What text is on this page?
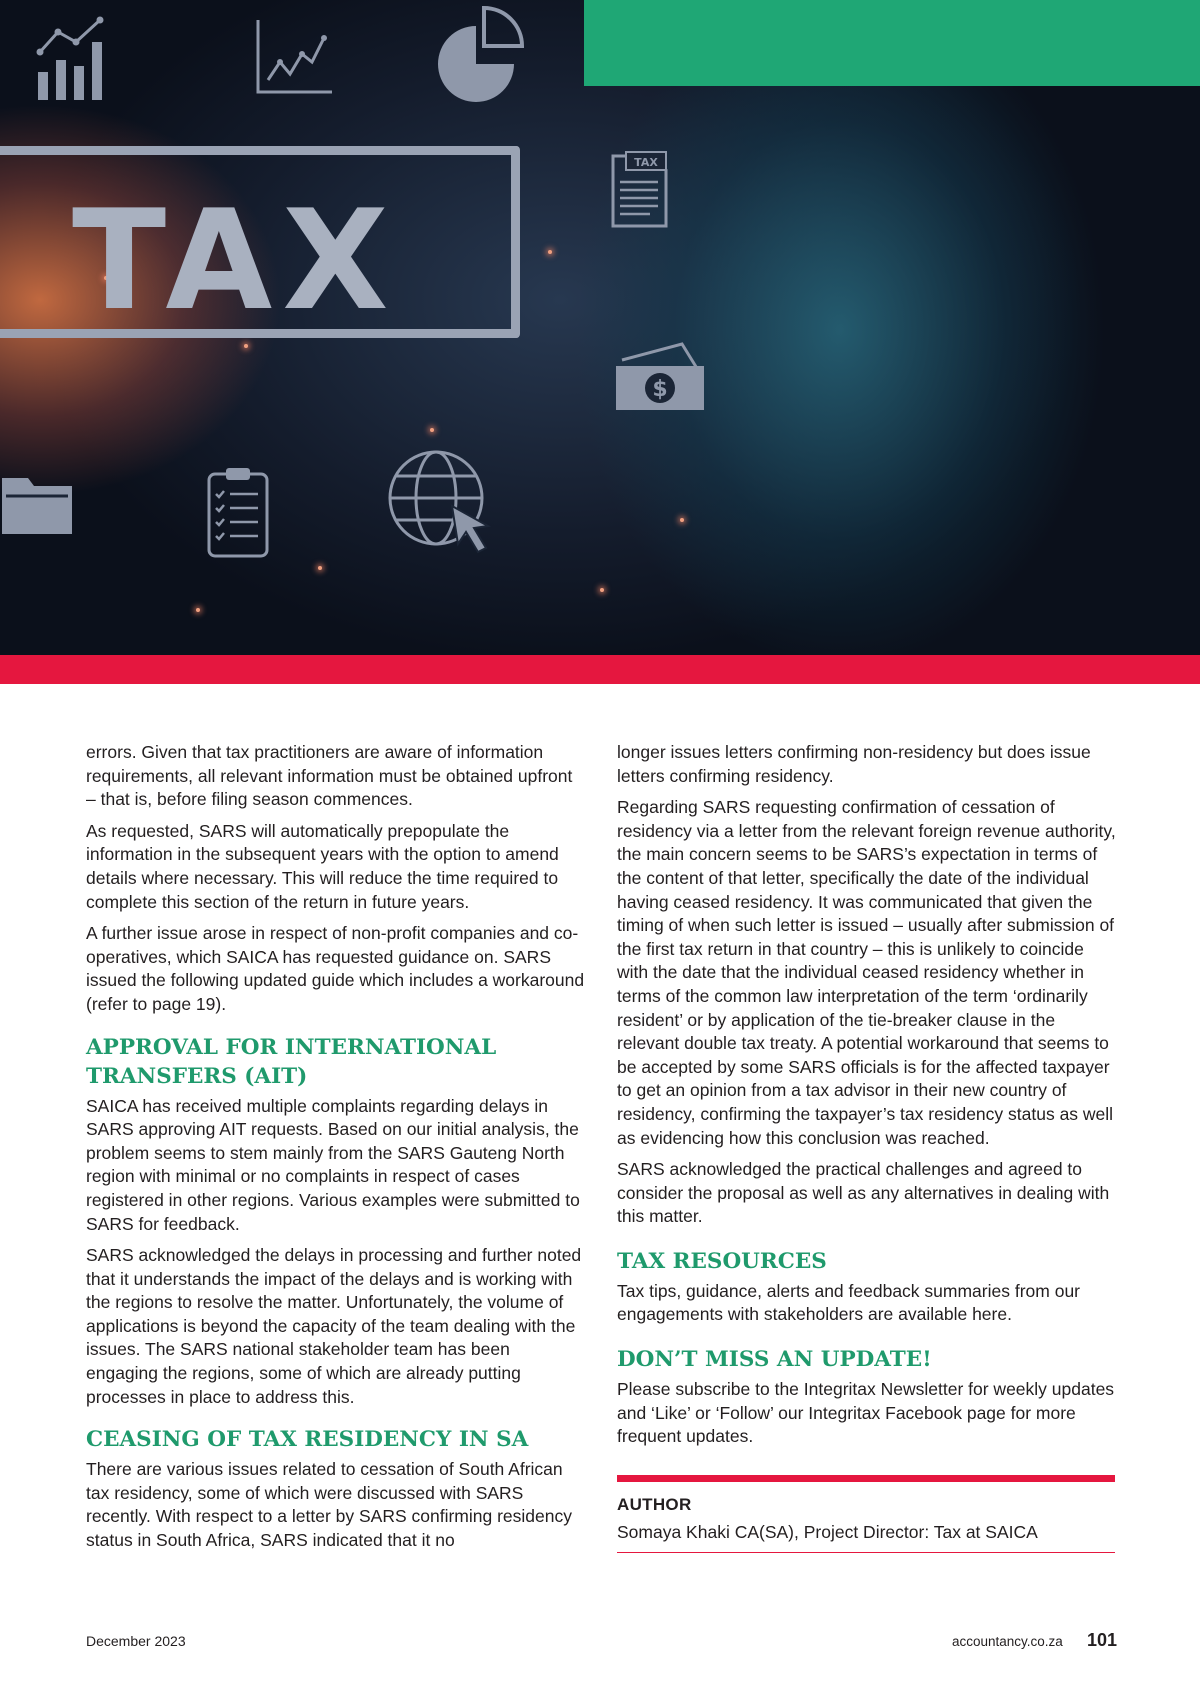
TAX
TAX
$

errors. Given that tax practitioners are aware of information requirements, all relevant information must be obtained upfront – that is, before filing season commences.

As requested, SARS will automatically prepopulate the information in the subsequent years with the option to amend details where necessary. This will reduce the time required to complete this section of the return in future years.

A further issue arose in respect of non-profit companies and co-operatives, which SAICA has requested guidance on. SARS issued the following updated guide which includes a workaround (refer to page 19).

APPROVAL FOR INTERNATIONAL TRANSFERS (AIT)

SAICA has received multiple complaints regarding delays in SARS approving AIT requests. Based on our initial analysis, the problem seems to stem mainly from the SARS Gauteng North region with minimal or no complaints in respect of cases registered in other regions. Various examples were submitted to SARS for feedback.

SARS acknowledged the delays in processing and further noted that it understands the impact of the delays and is working with the regions to resolve the matter. Unfortunately, the volume of applications is beyond the capacity of the team dealing with the issues. The SARS national stakeholder team has been engaging the regions, some of which are already putting processes in place to address this.

CEASING OF TAX RESIDENCY IN SA

There are various issues related to cessation of South African tax residency, some of which were discussed with SARS recently. With respect to a letter by SARS confirming residency status in South Africa, SARS indicated that it no

longer issues letters confirming non-residency but does issue letters confirming residency.

Regarding SARS requesting confirmation of cessation of residency via a letter from the relevant foreign revenue authority, the main concern seems to be SARS’s expectation in terms of the content of that letter, specifically the date of the individual having ceased residency. It was communicated that given the timing of when such letter is issued – usually after submission of the first tax return in that country – this is unlikely to coincide with the date that the individual ceased residency whether in terms of the common law interpretation of the term ‘ordinarily resident’ or by application of the tie-breaker clause in the relevant double tax treaty. A potential workaround that seems to be accepted by some SARS officials is for the affected taxpayer to get an opinion from a tax advisor in their new country of residency, confirming the taxpayer’s tax residency status as well as evidencing how this conclusion was reached.

SARS acknowledged the practical challenges and agreed to consider the proposal as well as any alternatives in dealing with this matter.

TAX RESOURCES

Tax tips, guidance, alerts and feedback summaries from our engagements with stakeholders are available here.

DON’T MISS AN UPDATE!

Please subscribe to the Integritax Newsletter for weekly updates and ‘Like’ or ‘Follow’ our Integritax Facebook page for more frequent updates.

AUTHOR
Somaya Khaki CA(SA), Project Director: Tax at SAICA
December 2023	accountancy.co.za 101
